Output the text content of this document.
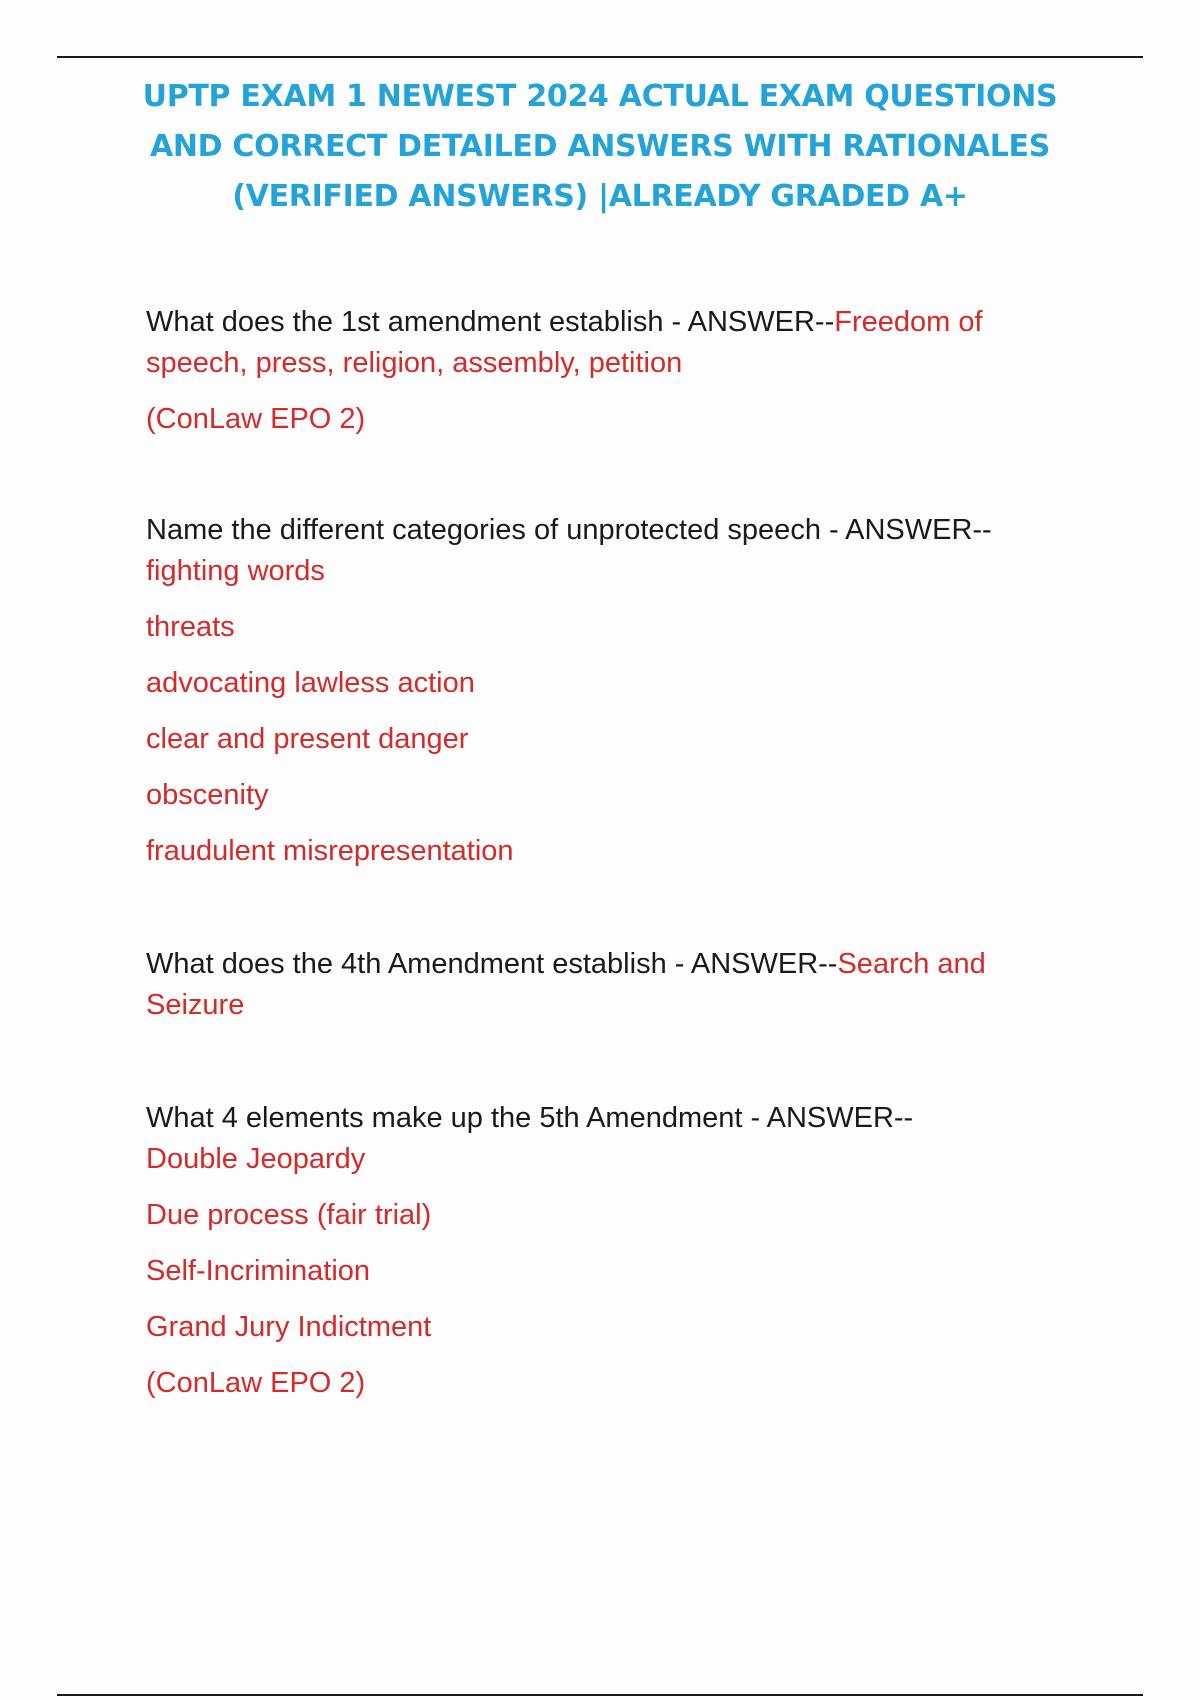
UPTP EXAM 1 NEWEST 2024 ACTUAL EXAM QUESTIONS
AND CORRECT DETAILED ANSWERS WITH RATIONALES
(VERIFIED ANSWERS) |ALREADY GRADED A+
What does the 1st amendment establish - ANSWER--Freedom of
speech, press, religion, assembly, petition
(ConLaw EPO 2)
Name the different categories of unprotected speech - ANSWER--
fighting words
threats
advocating lawless action
clear and present danger
obscenity
fraudulent misrepresentation
What does the 4th Amendment establish - ANSWER--Search and
Seizure
What 4 elements make up the 5th Amendment - ANSWER--
Double Jeopardy
Due process (fair trial)
Self-Incrimination
Grand Jury Indictment
(ConLaw EPO 2)
